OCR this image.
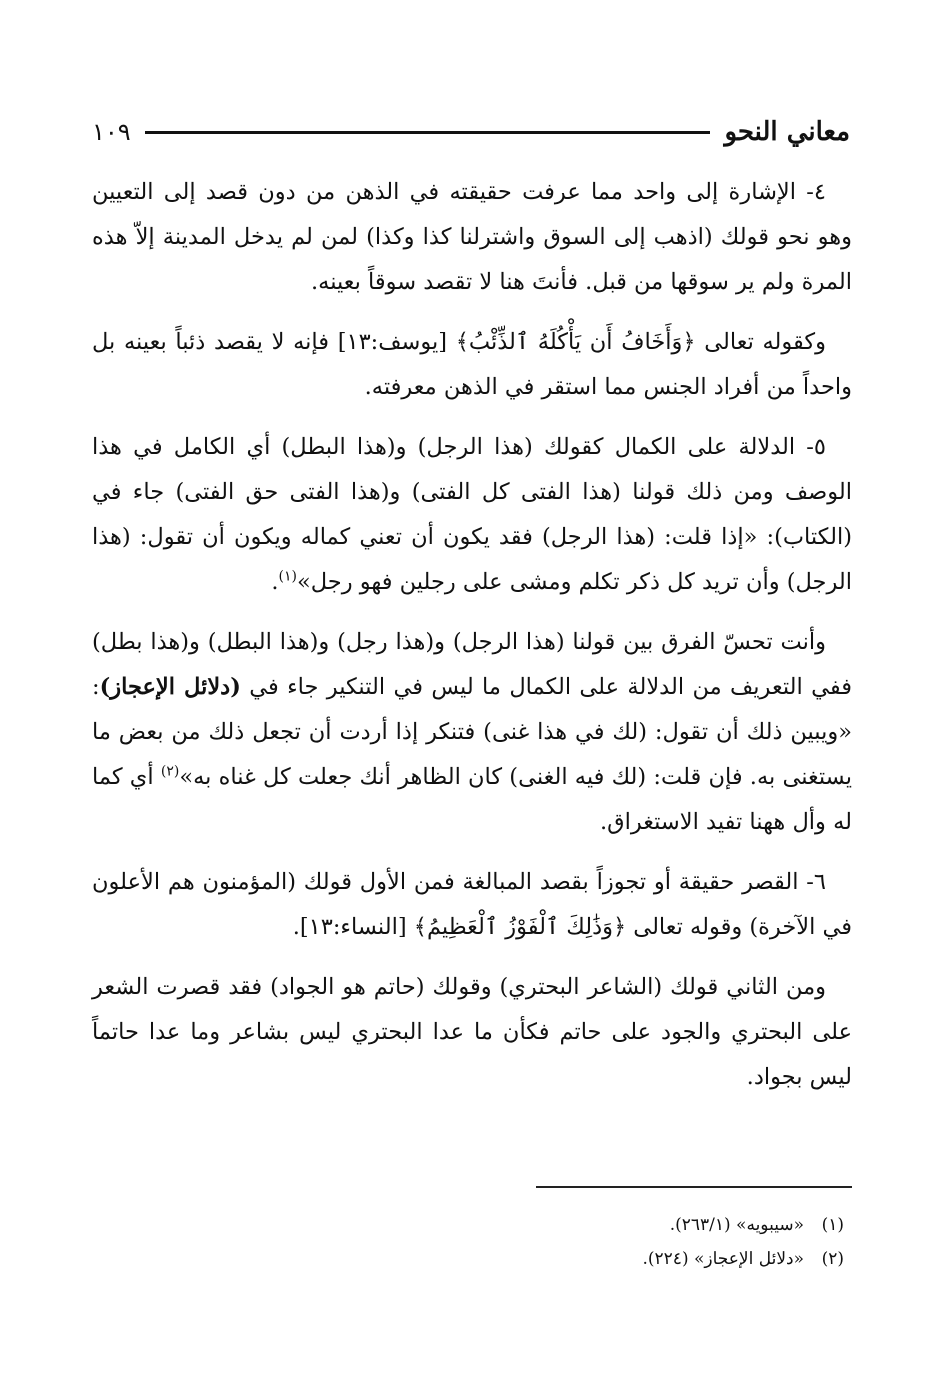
معاني النحو
١٠٩

٤- الإشارة إلى واحد مما عرفت حقيقته في الذهن من دون قصد إلى التعيين وهو نحو قولك (اذهب إلى السوق واشترلنا كذا وكذا) لمن لم يدخل المدينة إلاّ هذه المرة ولم ير سوقها من قبل. فأنتَ هنا لا تقصد سوقاً بعينه.

وكقوله تعالى ﴿وَأَخَافُ أَن يَأْكُلَهُ ٱلذِّئْبُ﴾ [يوسف:١٣] فإنه لا يقصد ذئباً بعينه بل واحداً من أفراد الجنس مما استقر في الذهن معرفته.

٥- الدلالة على الكمال كقولك (هذا الرجل) و(هذا البطل) أي الكامل في هذا الوصف ومن ذلك قولنا (هذا الفتى كل الفتى) و(هذا الفتى حق الفتى) جاء في (الكتاب): «إذا قلت: (هذا الرجل) فقد يكون أن تعني كماله ويكون أن تقول: (هذا الرجل) وأن تريد كل ذكر تكلم ومشى على رجلين فهو رجل»$^{(١)}$.

وأنت تحسّ الفرق بين قولنا (هذا الرجل) و(هذا رجل) و(هذا البطل) و(هذا بطل) ففي التعريف من الدلالة على الكمال ما ليس في التنكير جاء في (دلائل الإعجاز): «ويبين ذلك أن تقول: (لك في هذا غنى) فتنكر إذا أردت أن تجعل ذلك من بعض ما يستغنى به. فإن قلت: (لك فيه الغنى) كان الظاهر أنك جعلت كل غناه به»$^{(٢)}$ أي كما له وأل ههنا تفيد الاستغراق.

٦- القصر حقيقة أو تجوزاً بقصد المبالغة فمن الأول قولك (المؤمنون هم الأعلون في الآخرة) وقوله تعالى ﴿وَذَٰلِكَ ٱلْفَوْزُ ٱلْعَظِيمُ﴾ [النساء:١٣].

ومن الثاني قولك (الشاعر البحتري) وقولك (حاتم هو الجواد) فقد قصرت الشعر على البحتري والجود على حاتم فكأن ما عدا البحتري ليس بشاعر وما عدا حاتماً ليس بجواد.

(١)«سيبويه» (٢٦٣/١).
(٢)«دلائل الإعجاز» (٢٢٤).
